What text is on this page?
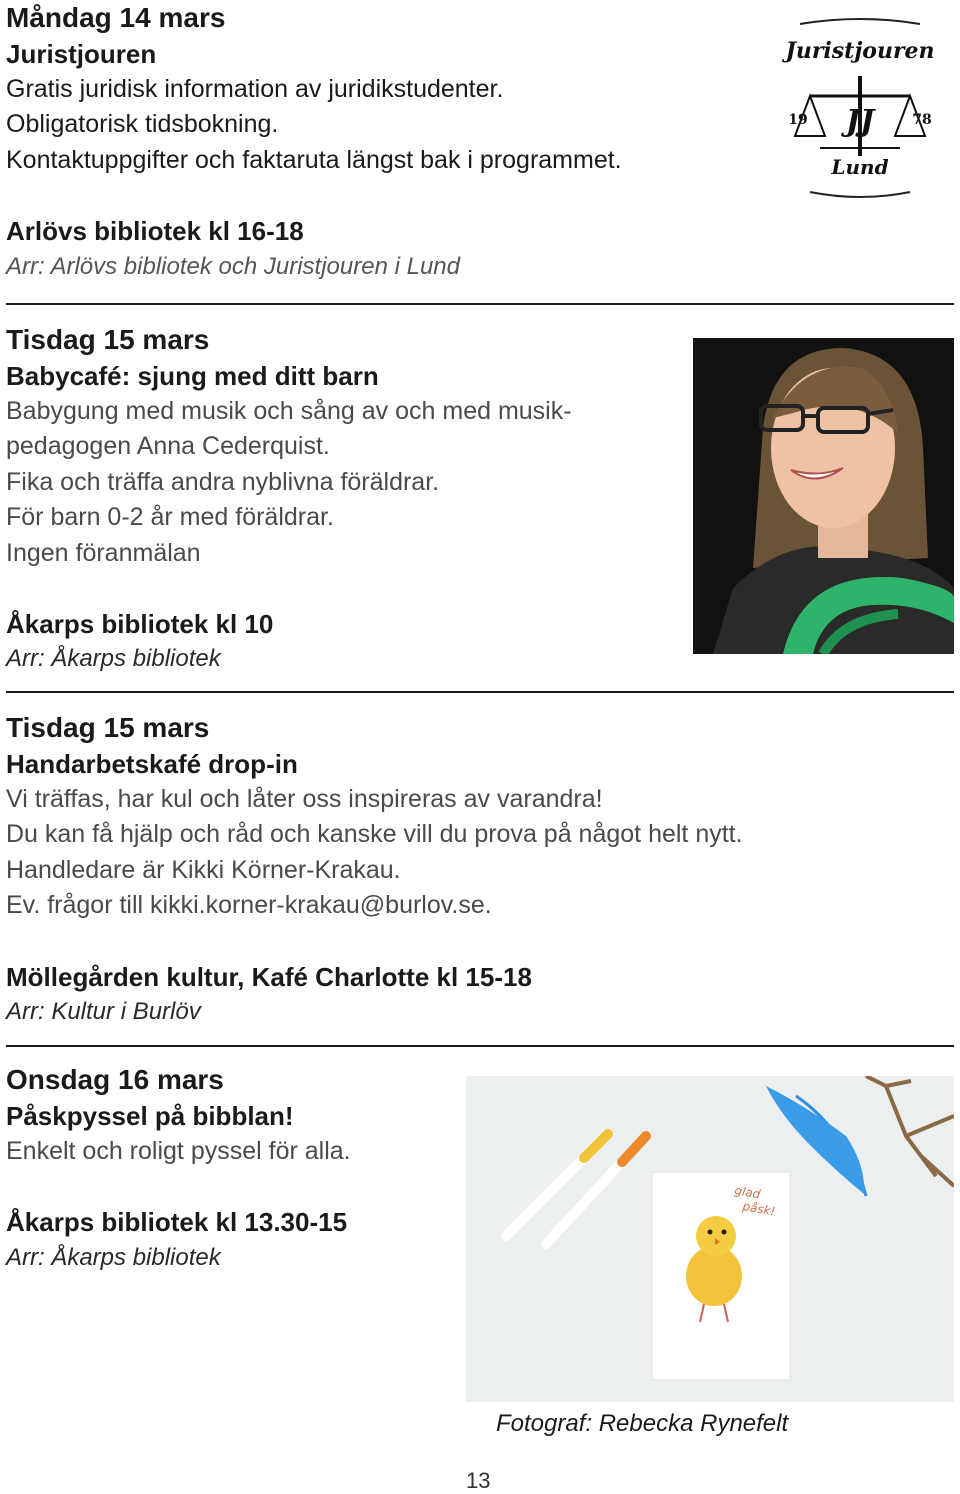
Måndag 14 mars
Juristjouren
Gratis juridisk information av juridikstudenter.
Obligatorisk tidsbokning.
Kontaktuppgifter och faktaruta längst bak i programmet.
Arlövs bibliotek kl 16-18
Arr: Arlövs bibliotek och Juristjouren i Lund
Juristjouren
JJ
19	78
Lund
Tisdag 15 mars
Babycafé: sjung med ditt barn
Babygung med musik och sång av och med musik-
pedagogen Anna Cederquist.
Fika och träffa andra nyblivna föräldrar.
För barn 0-2 år med föräldrar.
Ingen föranmälan
Åkarps bibliotek kl 10
Arr: Åkarps bibliotek
Tisdag 15 mars
Handarbetskafé drop-in
Vi träffas, har kul och låter oss inspireras av varandra!
Du kan få hjälp och råd och kanske vill du prova på något helt nytt.
Handledare är Kikki Körner-Krakau.
Ev. frågor till kikki.korner-krakau@burlov.se.
Möllegården kultur, Kafé Charlotte kl 15-18
Arr: Kultur i Burlöv
Onsdag 16 mars
Påskpyssel på bibblan!
Enkelt och roligt pyssel för alla.
Åkarps bibliotek kl 13.30-15
Arr: Åkarps bibliotek
glad
påsk!
Fotograf: Rebecka Rynefelt
13
